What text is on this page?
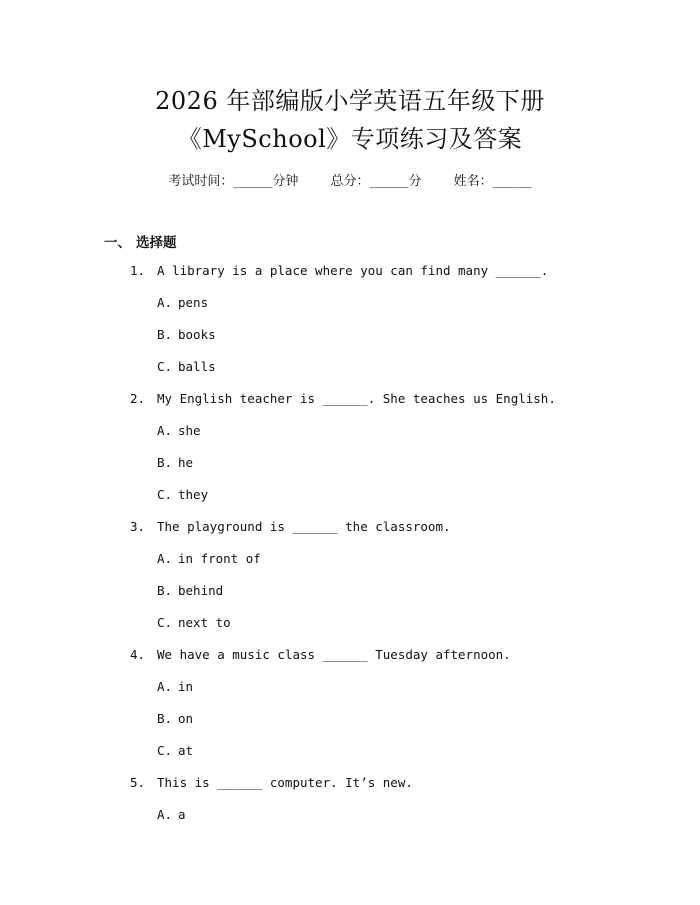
2026 年部编版小学英语五年级下册
《MySchool》专项练习及答案
考试时间：______分钟 总分：______分 姓名：______
一、 选择题
1. A library is a place where you can find many ______.
A. pens
B. books
C. balls
2. My English teacher is ______. She teaches us English.
A. she
B. he
C. they
3. The playground is ______ the classroom.
A. in front of
B. behind
C. next to
4. We have a music class ______ Tuesday afternoon.
A. in
B. on
C. at
5. This is ______ computer. It’s new.
A. a
